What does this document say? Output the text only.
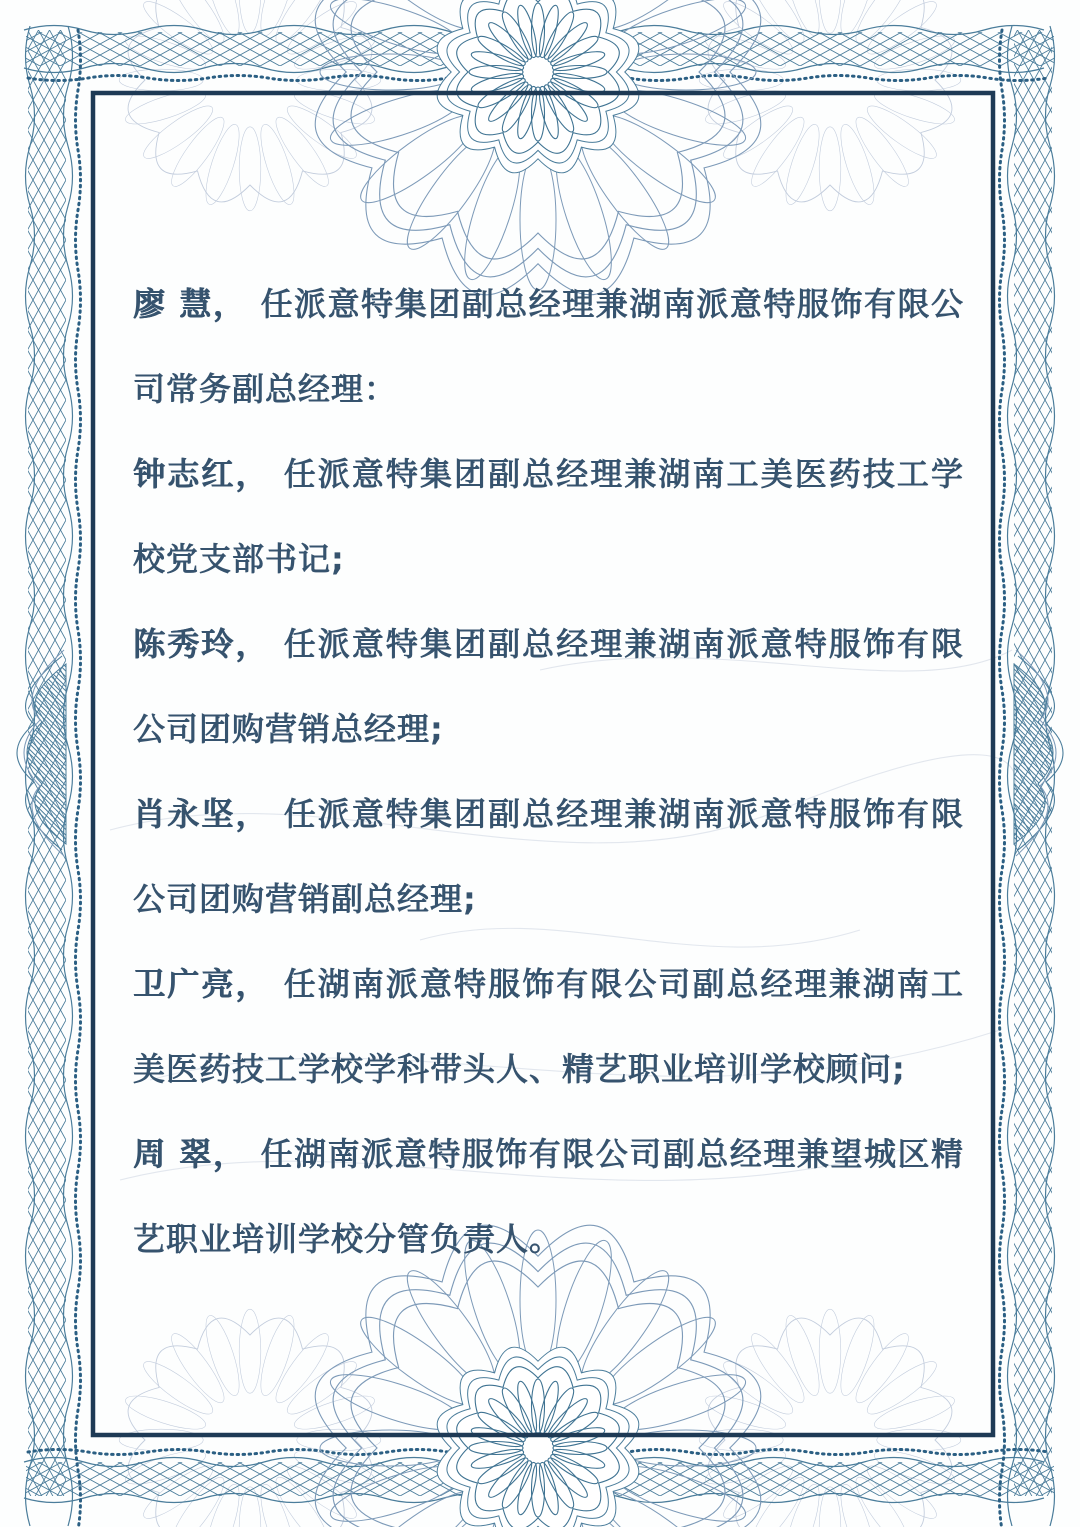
廖 慧， 任派意特集团副总经理兼湖南派意特服饰有限公司常务副总经理：

钟志红， 任派意特集团副总经理兼湖南工美医药技工学校党支部书记;

陈秀玲， 任派意特集团副总经理兼湖南派意特服饰有限公司团购营销总经理;

肖永坚， 任派意特集团副总经理兼湖南派意特服饰有限公司团购营销副总经理;

卫广亮， 任湖南派意特服饰有限公司副总经理兼湖南工美医药技工学校学科带头人、精艺职业培训学校顾问;

周 翠， 任湖南派意特服饰有限公司副总经理兼望城区精艺职业培训学校分管负责人。
